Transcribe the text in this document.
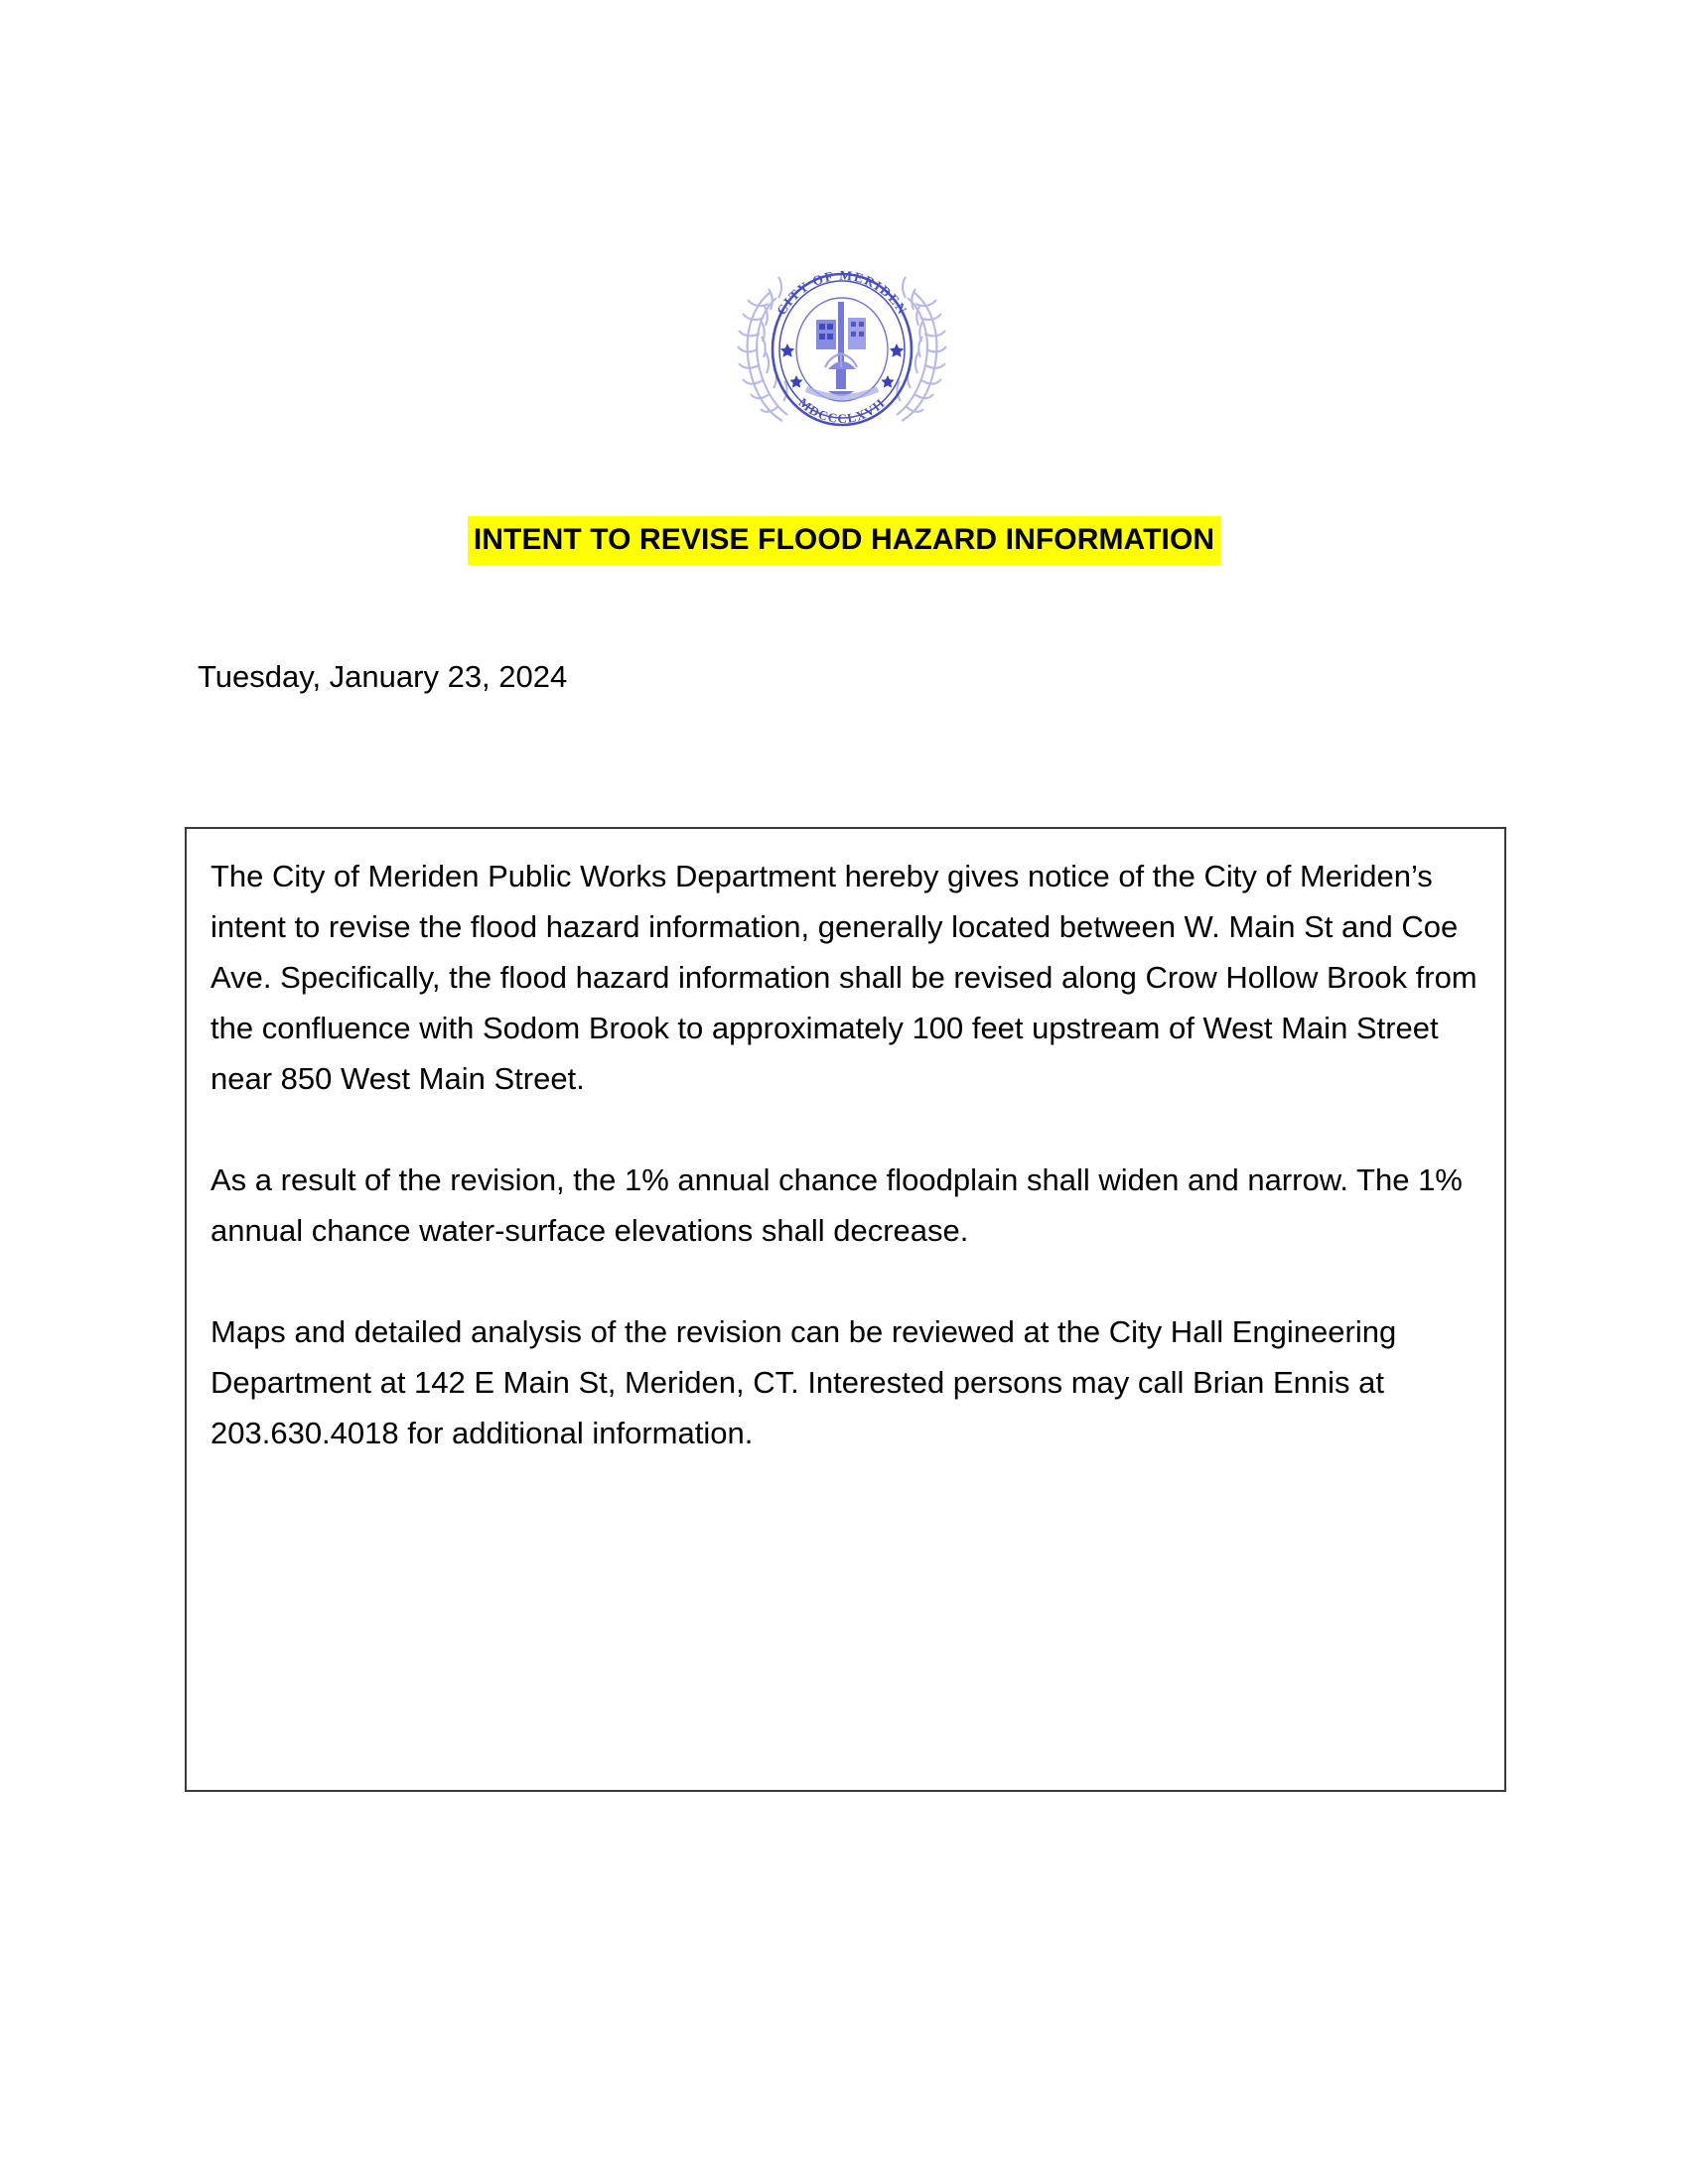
CITY OF MERIDEN
MDCCCLXVII
INTENT TO REVISE FLOOD HAZARD INFORMATION
Tuesday, January 23, 2024

The City of Meriden Public Works Department hereby gives notice of the City of Meriden’s intent to revise the flood hazard information, generally located between W. Main St and Coe Ave. Specifically, the flood hazard information shall be revised along Crow Hollow Brook from the confluence with Sodom Brook to approximately 100 feet upstream of West Main Street near 850 West Main Street.

As a result of the revision, the 1% annual chance floodplain shall widen and narrow. The 1% annual chance water-surface elevations shall decrease.

Maps and detailed analysis of the revision can be reviewed at the City Hall Engineering Department at 142 E Main St, Meriden, CT. Interested persons may call Brian Ennis at 203.630.4018 for additional information.
